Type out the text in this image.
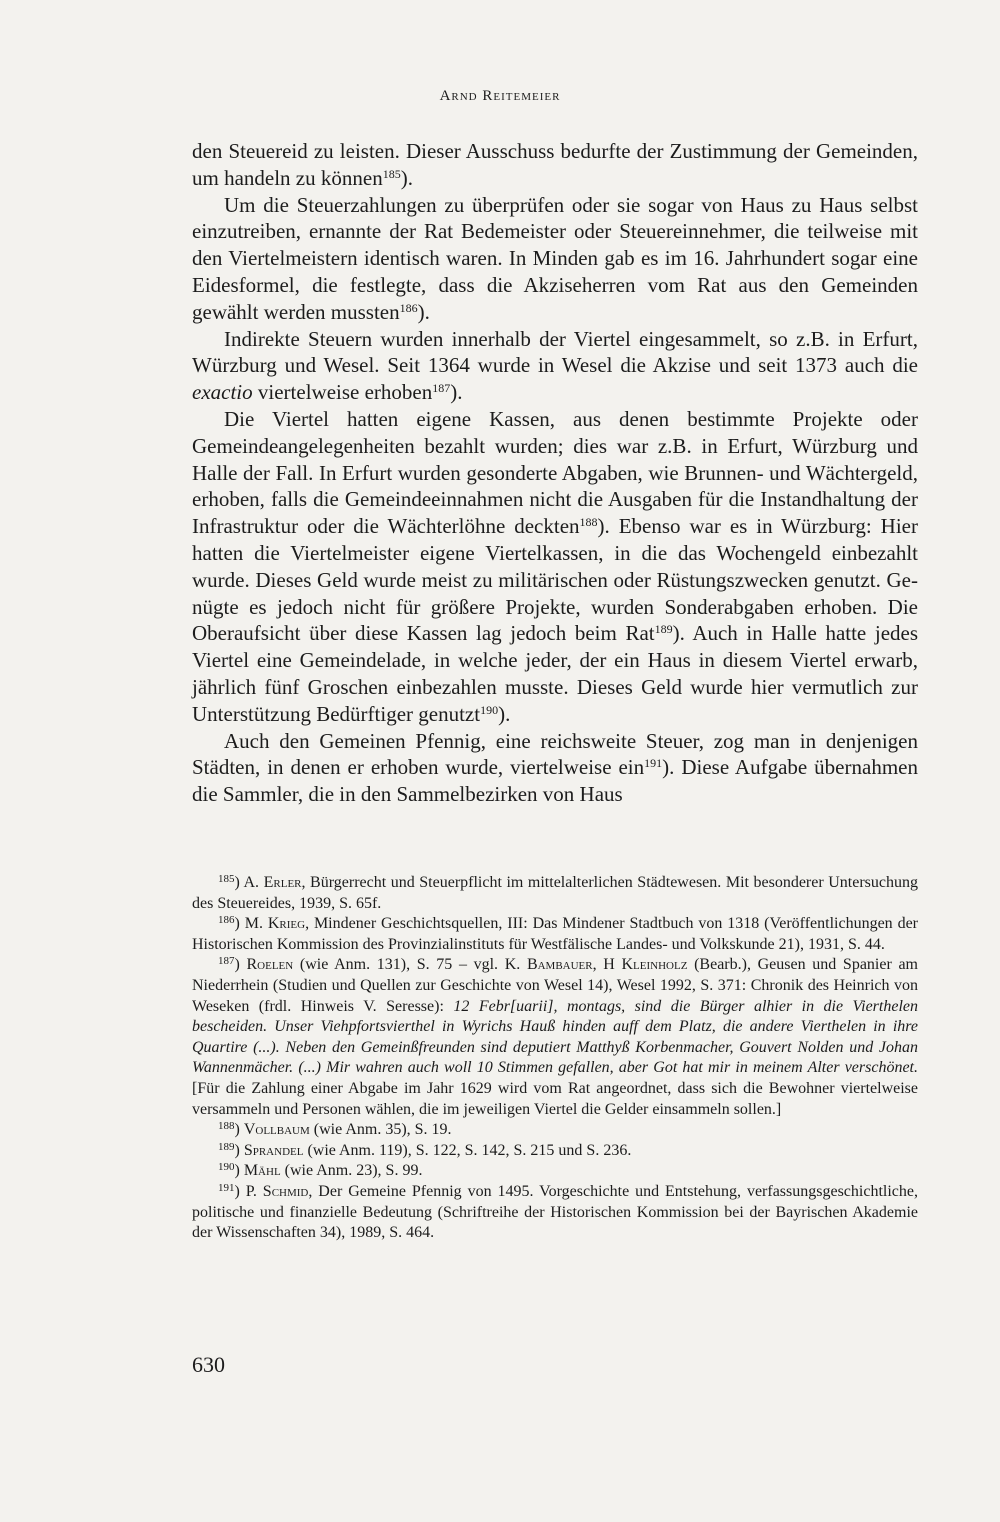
Arnd Reitemeier

den Steuereid zu leisten. Dieser Ausschuss bedurfte der Zustimmung der Gemeinden, um handeln zu können$^{185}$).

Um die Steuerzahlungen zu überprüfen oder sie sogar von Haus zu Haus selbst einzutreiben, ernannte der Rat Bedemeister oder Steuereinnehmer, die teilweise mit den Viertelmeistern identisch waren. In Minden gab es im 16. Jahrhundert sogar eine Eidesformel, die festlegte, dass die Akziseherren vom Rat aus den Gemeinden gewählt werden mussten$^{186}$).

Indirekte Steuern wurden innerhalb der Viertel eingesammelt, so z.B. in Erfurt, Würzburg und Wesel. Seit 1364 wurde in Wesel die Akzise und seit 1373 auch die exactio viertelweise erhoben$^{187}$).

Die Viertel hatten eigene Kassen, aus denen bestimmte Projekte oder Gemeindeangelegenheiten bezahlt wurden; dies war z.B. in Erfurt, Würzburg und Halle der Fall. In Erfurt wurden gesonderte Abgaben, wie Brunnen- und Wächtergeld, erhoben, falls die Gemeindeeinnahmen nicht die Ausgaben für die Instandhaltung der Infrastruktur oder die Wächterlöhne deckten$^{188}$). Ebenso war es in Würzburg: Hier hatten die Viertelmeister eigene Viertelkassen, in die das Wochengeld einbezahlt wurde. Dieses Geld wurde meist zu militärischen oder Rüstungszwecken genutzt. Genügte es jedoch nicht für größere Projekte, wurden Sonderabgaben erhoben. Die Oberaufsicht über diese Kassen lag jedoch beim Rat$^{189}$). Auch in Halle hatte jedes Viertel eine Gemeindelade, in welche jeder, der ein Haus in diesem Viertel erwarb, jährlich fünf Groschen einbezahlen musste. Dieses Geld wurde hier vermutlich zur Unterstützung Bedürftiger genutzt$^{190}$).

Auch den Gemeinen Pfennig, eine reichsweite Steuer, zog man in denjenigen Städten, in denen er erhoben wurde, viertelweise ein$^{191}$). Diese Aufgabe übernahmen die Sammler, die in den Sammelbezirken von Haus

$^{185}$) A. Erler, Bürgerrecht und Steuerpflicht im mittelalterlichen Städtewesen. Mit besonderer Untersuchung des Steuereides, 1939, S. 65f.

$^{186}$) M. Krieg, Mindener Geschichtsquellen, III: Das Mindener Stadtbuch von 1318 (Veröffentlichungen der Historischen Kommission des Provinzialinstituts für Westfälische Landes- und Volkskunde 21), 1931, S. 44.

$^{187}$) Roelen (wie Anm. 131), S. 75 – vgl. K. Bambauer, H Kleinholz (Bearb.), Geusen und Spanier am Niederrhein (Studien und Quellen zur Geschichte von Wesel 14), Wesel 1992, S. 371: Chronik des Heinrich von Weseken (frdl. Hinweis V. Seresse): 12 Febr[uarii], montags, sind die Bürger alhier in die Vierthelen bescheiden. Unser Viehpfortsvierthel in Wyrichs Hauß hinden auff dem Platz, die andere Vierthelen in ihre Quartire (...). Neben den Gemeinßfreunden sind deputiert Matthyß Korbenmacher, Gouvert Nolden und Johan Wannenmächer. (...) Mir wahren auch woll 10 Stimmen gefallen, aber Got hat mir in meinem Alter verschönet. [Für die Zahlung einer Abgabe im Jahr 1629 wird vom Rat angeordnet, dass sich die Bewohner viertelweise versammeln und Personen wählen, die im jeweiligen Viertel die Gelder einsammeln sollen.]

$^{188}$) Vollbaum (wie Anm. 35), S. 19.

$^{189}$) Sprandel (wie Anm. 119), S. 122, S. 142, S. 215 und S. 236.

$^{190}$) Mähl (wie Anm. 23), S. 99.

$^{191}$) P. Schmid, Der Gemeine Pfennig von 1495. Vorgeschichte und Entstehung, verfassungsgeschichtliche, politische und finanzielle Bedeutung (Schriftreihe der Historischen Kommission bei der Bayrischen Akademie der Wissenschaften 34), 1989, S. 464.

630
